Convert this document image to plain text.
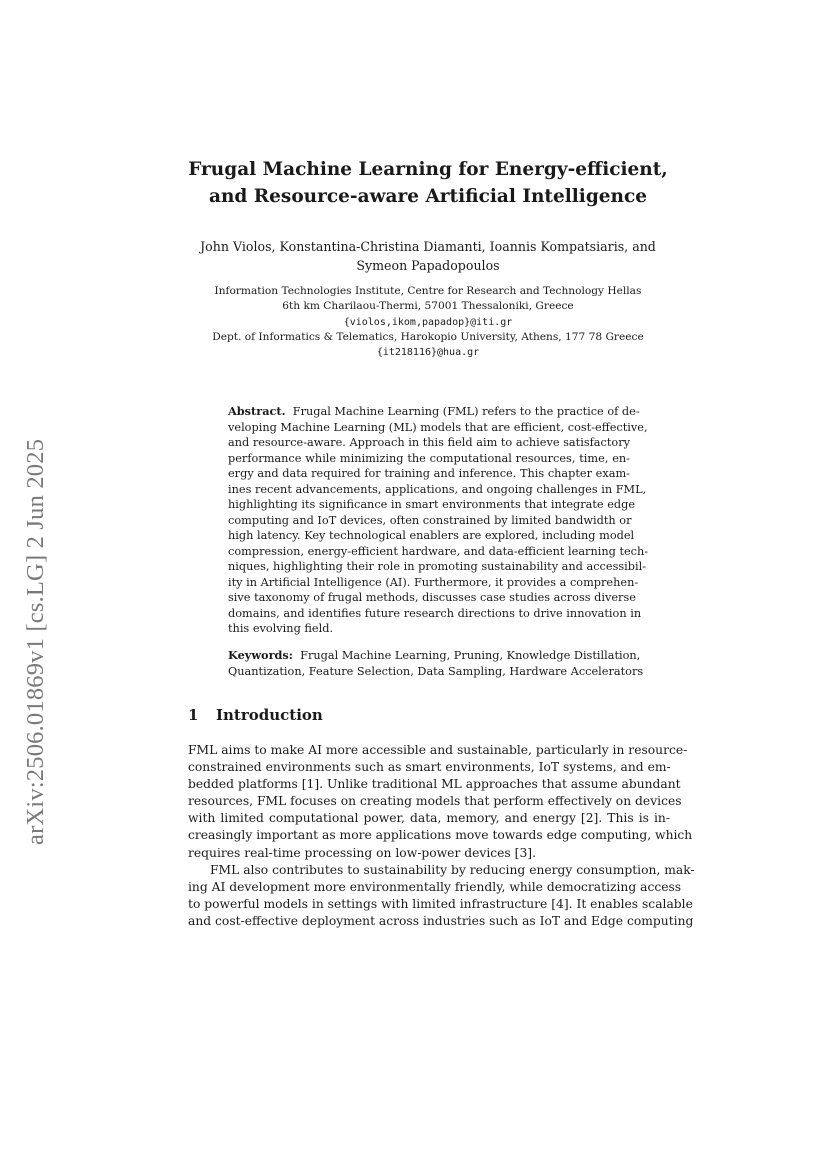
arXiv:2506.01869v1 [cs.LG] 2 Jun 2025
Frugal Machine Learning for Energy-efficient,
and Resource-aware Artificial Intelligence
John Violos, Konstantina-Christina Diamanti, Ioannis Kompatsiaris, and
Symeon Papadopoulos
Information Technologies Institute, Centre for Research and Technology Hellas
6th km Charilaou-Thermi, 57001 Thessaloniki, Greece
{violos,ikom,papadop}@iti.gr
Dept. of Informatics & Telematics, Harokopio University, Athens, 177 78 Greece
{it218116}@hua.gr
Abstract. Frugal Machine Learning (FML) refers to the practice of de-
veloping Machine Learning (ML) models that are efficient, cost-effective,
and resource-aware. Approach in this field aim to achieve satisfactory
performance while minimizing the computational resources, time, en-
ergy and data required for training and inference. This chapter exam-
ines recent advancements, applications, and ongoing challenges in FML,
highlighting its significance in smart environments that integrate edge
computing and IoT devices, often constrained by limited bandwidth or
high latency. Key technological enablers are explored, including model
compression, energy-efficient hardware, and data-efficient learning tech-
niques, highlighting their role in promoting sustainability and accessibil-
ity in Artificial Intelligence (AI). Furthermore, it provides a comprehen-
sive taxonomy of frugal methods, discusses case studies across diverse
domains, and identifies future research directions to drive innovation in
this evolving field.
Keywords: Frugal Machine Learning, Pruning, Knowledge Distillation,
Quantization, Feature Selection, Data Sampling, Hardware Accelerators
1 Introduction
FML aims to make AI more accessible and sustainable, particularly in resource-
constrained environments such as smart environments, IoT systems, and em-
bedded platforms [1]. Unlike traditional ML approaches that assume abundant
resources, FML focuses on creating models that perform effectively on devices
with limited computational power, data, memory, and energy [2]. This is in-
creasingly important as more applications move towards edge computing, which
requires real-time processing on low-power devices [3].
FML also contributes to sustainability by reducing energy consumption, mak-
ing AI development more environmentally friendly, while democratizing access
to powerful models in settings with limited infrastructure [4]. It enables scalable
and cost-effective deployment across industries such as IoT and Edge computing
